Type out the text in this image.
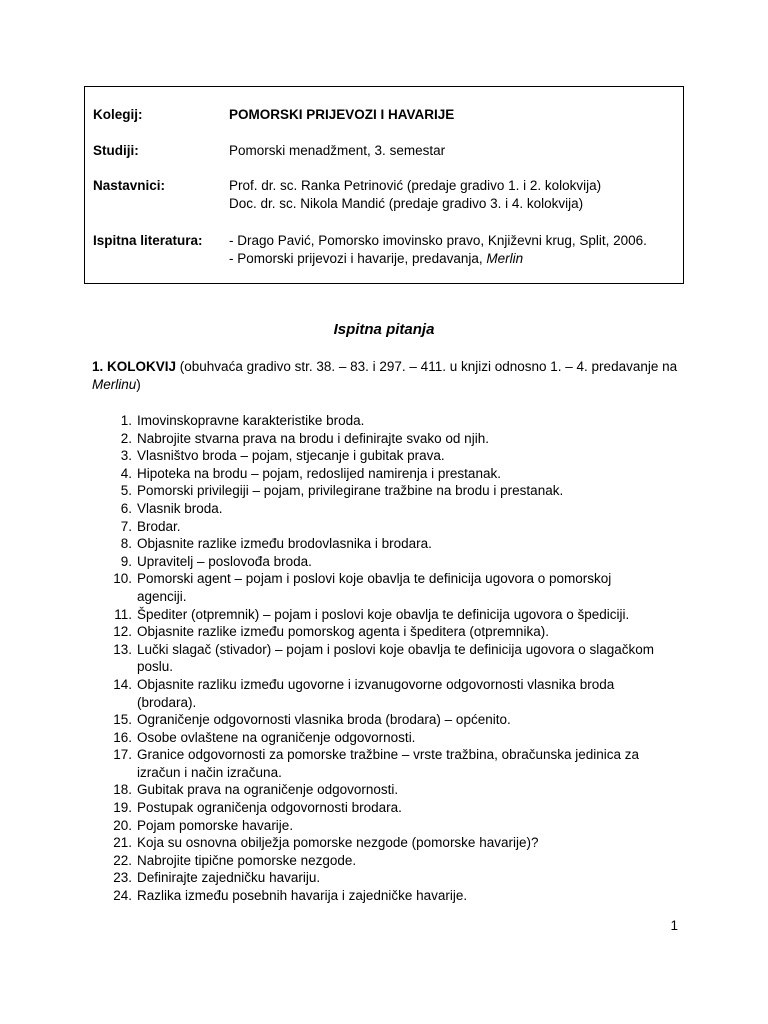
Kolegij:	POMORSKI PRIJEVOZI I HAVARIJE
Studiji:	Pomorski menadžment, 3. semestar
Nastavnici:	Prof. dr. sc. Ranka Petrinović (predaje gradivo 1. i 2. kolokvija)
Doc. dr. sc. Nikola Mandić (predaje gradivo 3. i 4. kolokvija)
Ispitna literatura: - Drago Pavić, Pomorsko imovinsko pravo, Književni krug, Split, 2006.
- Pomorski prijevozi i havarije, predavanja, Merlin
Ispitna pitanja
1. KOLOKVIJ (obuhvaća gradivo str. 38. – 83. i 297. – 411. u knjizi odnosno 1. – 4. predavanje na Merlinu)
1. Imovinskopravne karakteristike broda.
2. Nabrojite stvarna prava na brodu i definirajte svako od njih.
3. Vlasništvo broda – pojam, stjecanje i gubitak prava.
4. Hipoteka na brodu – pojam, redoslijed namirenja i prestanak.
5. Pomorski privilegiji – pojam, privilegirane tražbine na brodu i prestanak.
6. Vlasnik broda.
7. Brodar.
8. Objasnite razlike između brodovlasnika i brodara.
9. Upravitelj – poslovođa broda.
10. Pomorski agent – pojam i poslovi koje obavlja te definicija ugovora o pomorskoj
agenciji.
11. Špediter (otpremnik) – pojam i poslovi koje obavlja te definicija ugovora o špediciji.
12. Objasnite razlike između pomorskog agenta i špeditera (otpremnika).
13. Lučki slagač (stivador) – pojam i poslovi koje obavlja te definicija ugovora o slagačkom
poslu.
14. Objasnite razliku između ugovorne i izvanugovorne odgovornosti vlasnika broda
(brodara).
15. Ograničenje odgovornosti vlasnika broda (brodara) – općenito.
16. Osobe ovlaštene na ograničenje odgovornosti.
17. Granice odgovornosti za pomorske tražbine – vrste tražbina, obračunska jedinica za
izračun i način izračuna.
18. Gubitak prava na ograničenje odgovornosti.
19. Postupak ograničenja odgovornosti brodara.
20. Pojam pomorske havarije.
21. Koja su osnovna obilježja pomorske nezgode (pomorske havarije)?
22. Nabrojite tipične pomorske nezgode.
23. Definirajte zajedničku havariju.
24. Razlika između posebnih havarija i zajedničke havarije.
1
